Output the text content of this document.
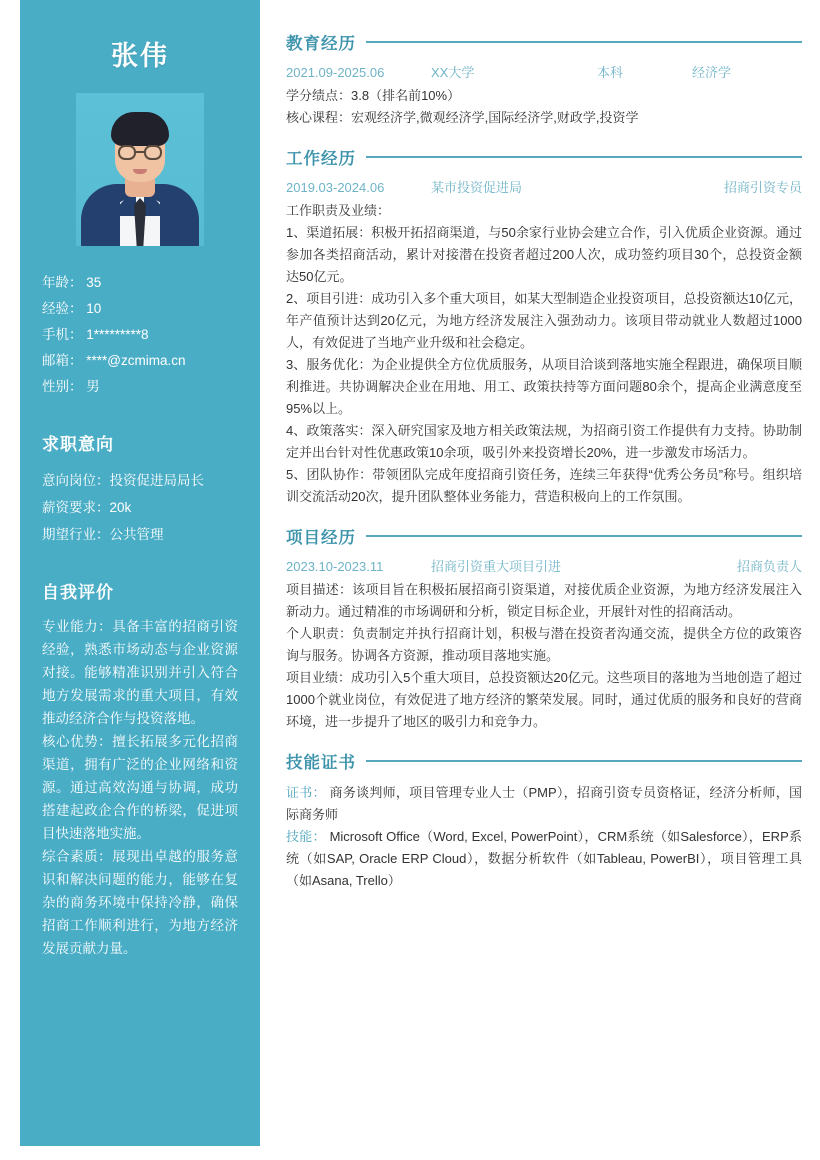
张伟
年龄： 35
经验： 10
手机： 1*********8
邮箱： ****@zcmima.cn
性别： 男
求职意向
意向岗位：投资促进局局长
薪资要求：20k
期望行业：公共管理
自我评价

专业能力：具备丰富的招商引资经验，熟悉市场动态与企业资源对接。能够精准识别并引入符合地方发展需求的重大项目，有效推动经济合作与投资落地。

核心优势：擅长拓展多元化招商渠道，拥有广泛的企业网络和资源。通过高效沟通与协调，成功搭建起政企合作的桥梁，促进项目快速落地实施。

综合素质：展现出卓越的服务意识和解决问题的能力，能够在复杂的商务环境中保持冷静，确保招商工作顺利进行，为地方经济发展贡献力量。

教育经历
2021.09-2025.06	XX大学	本科	经济学
学分绩点：3.8（排名前10%）
核心课程：宏观经济学,微观经济学,国际经济学,财政学,投资学
工作经历
2019.03-2024.06	某市投资促进局	招商引资专员
工作职责及业绩：
1、渠道拓展：积极开拓招商渠道，与50余家行业协会建立合作，引入优质企业资源。通过参加各类招商活动，累计对接潜在投资者超过200人次，成功签约项目30个，总投资金额达50亿元。
2、项目引进：成功引入多个重大项目，如某大型制造企业投资项目，总投资额达10亿元，年产值预计达到20亿元，为地方经济发展注入强劲动力。该项目带动就业人数超过1000人，有效促进了当地产业升级和社会稳定。
3、服务优化：为企业提供全方位优质服务，从项目洽谈到落地实施全程跟进，确保项目顺利推进。共协调解决企业在用地、用工、政策扶持等方面问题80余个，提高企业满意度至95%以上。
4、政策落实：深入研究国家及地方相关政策法规，为招商引资工作提供有力支持。协助制定并出台针对性优惠政策10余项，吸引外来投资增长20%，进一步激发市场活力。
5、团队协作：带领团队完成年度招商引资任务，连续三年获得“优秀公务员”称号。组织培训交流活动20次，提升团队整体业务能力，营造积极向上的工作氛围。
项目经历
2023.10-2023.11	招商引资重大项目引进	招商负责人
项目描述：该项目旨在积极拓展招商引资渠道，对接优质企业资源，为地方经济发展注入新动力。通过精准的市场调研和分析，锁定目标企业，开展针对性的招商活动。
个人职责：负责制定并执行招商计划，积极与潜在投资者沟通交流，提供全方位的政策咨询与服务。协调各方资源，推动项目落地实施。
项目业绩：成功引入5个重大项目，总投资额达20亿元。这些项目的落地为当地创造了超过1000个就业岗位，有效促进了地方经济的繁荣发展。同时，通过优质的服务和良好的营商环境，进一步提升了地区的吸引力和竞争力。
技能证书
证书： 商务谈判师，项目管理专业人士（PMP），招商引资专员资格证，经济分析师，国际商务师
技能： Microsoft Office（Word, Excel, PowerPoint），CRM系统（如Salesforce），ERP系统（如SAP, Oracle ERP Cloud），数据分析软件（如Tableau, PowerBI），项目管理工具（如Asana, Trello）
